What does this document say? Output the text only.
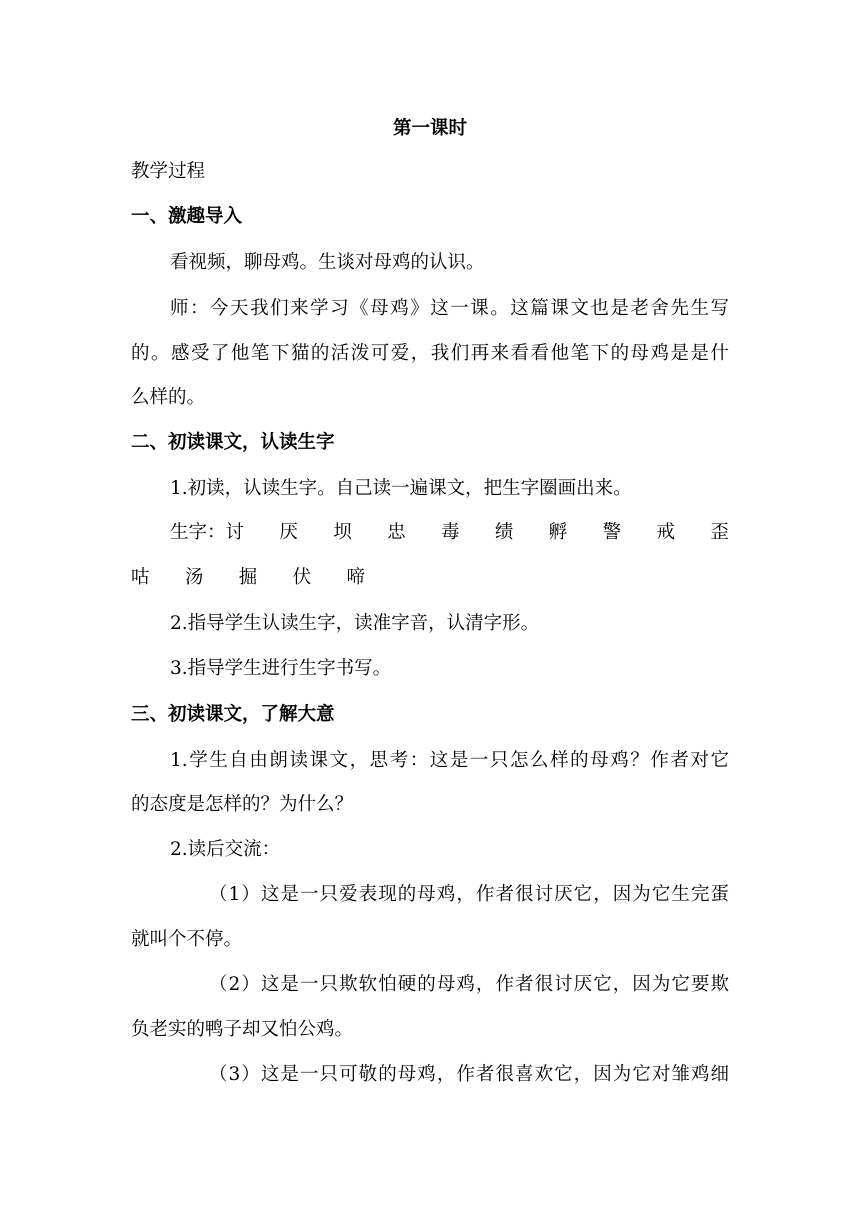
第一课时
教学过程
一、激趣导入
看视频，聊母鸡。生谈对母鸡的认识。
师：今天我们来学习《母鸡》这一课。这篇课文也是老舍先生写
的。感受了他笔下猫的活泼可爱，我们再来看看他笔下的母鸡是是什
么样的。
二、初读课文，认读生字
1.初读，认读生字。自己读一遍课文，把生字圈画出来。
生字：讨 厌 坝 忠 毒 绩 孵 警 戒 歪
咕 汤 掘 伏 啼
2.指导学生认读生字，读准字音，认清字形。
3.指导学生进行生字书写。
三、初读课文，了解大意
1.学生自由朗读课文，思考：这是一只怎么样的母鸡？作者对它
的态度是怎样的？为什么？
2.读后交流：
（1）这是一只爱表现的母鸡，作者很讨厌它，因为它生完蛋
就叫个不停。
（2）这是一只欺软怕硬的母鸡，作者很讨厌它，因为它要欺
负老实的鸭子却又怕公鸡。
（3）这是一只可敬的母鸡，作者很喜欢它，因为它对雏鸡细
